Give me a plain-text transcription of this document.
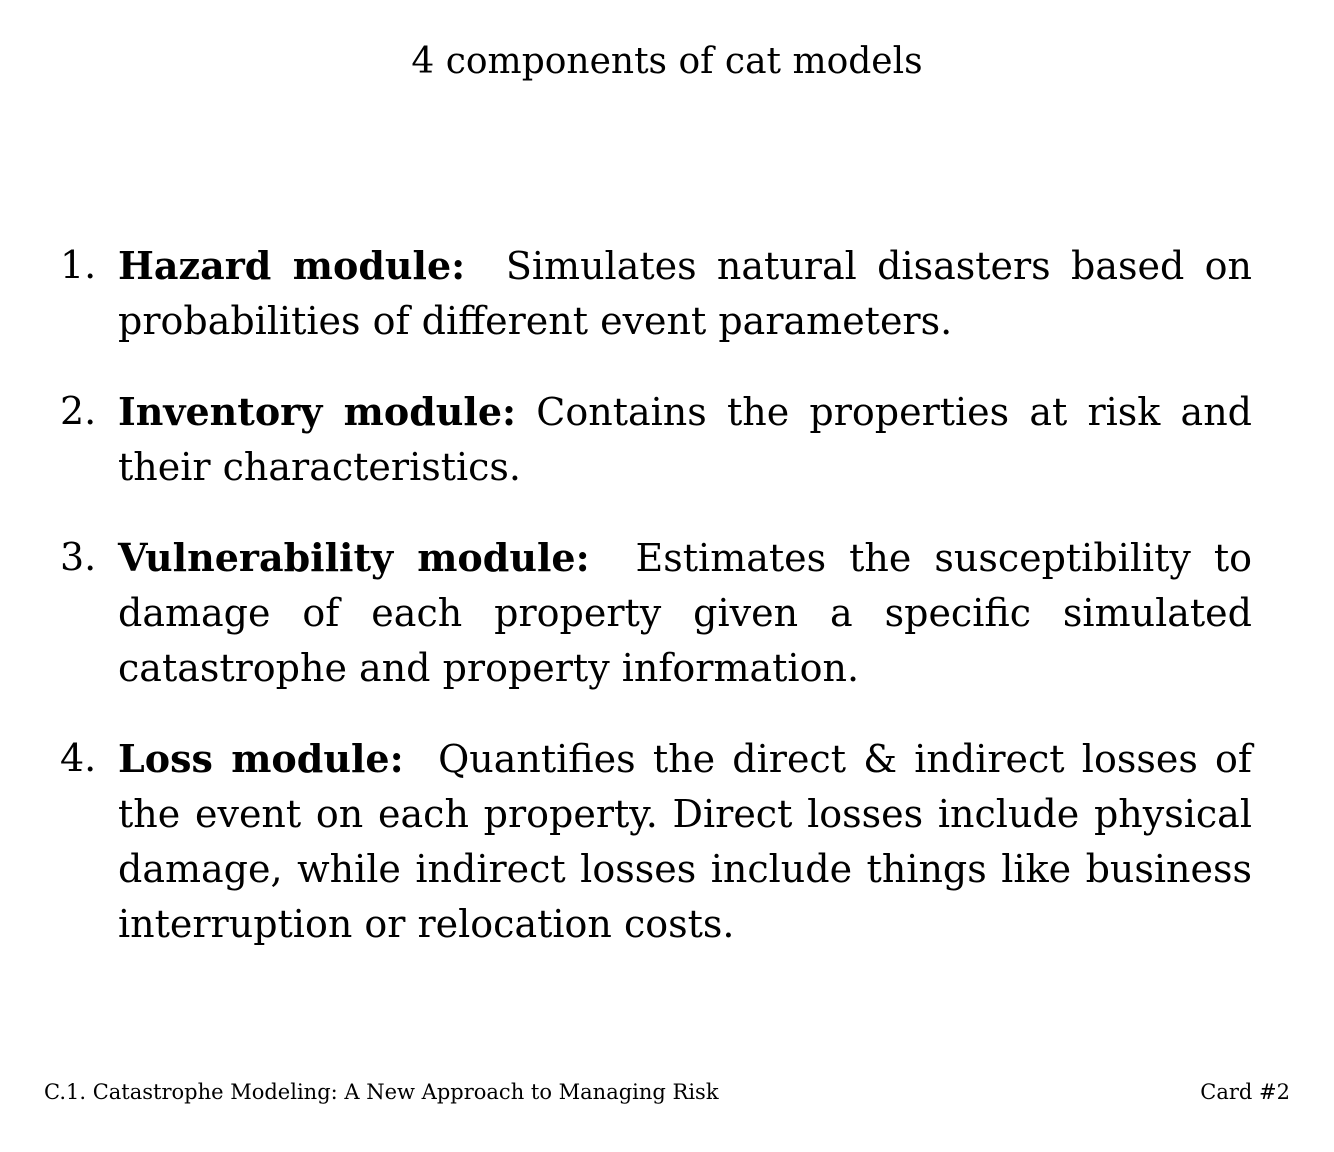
4 components of cat models
1. Hazard module: Simulates natural disasters based on probabilities of different event parameters.
2. Inventory module: Contains the properties at risk and their characteristics.
3. Vulnerability module: Estimates the susceptibility to damage of each property given a specific simulated catastrophe and property information.
4. Loss module: Quantifies the direct & indirect losses of the event on each property. Direct losses include physical damage, while indirect losses include things like business interruption or relocation costs.
C.1. Catastrophe Modeling: A New Approach to Managing Risk	Card #2
